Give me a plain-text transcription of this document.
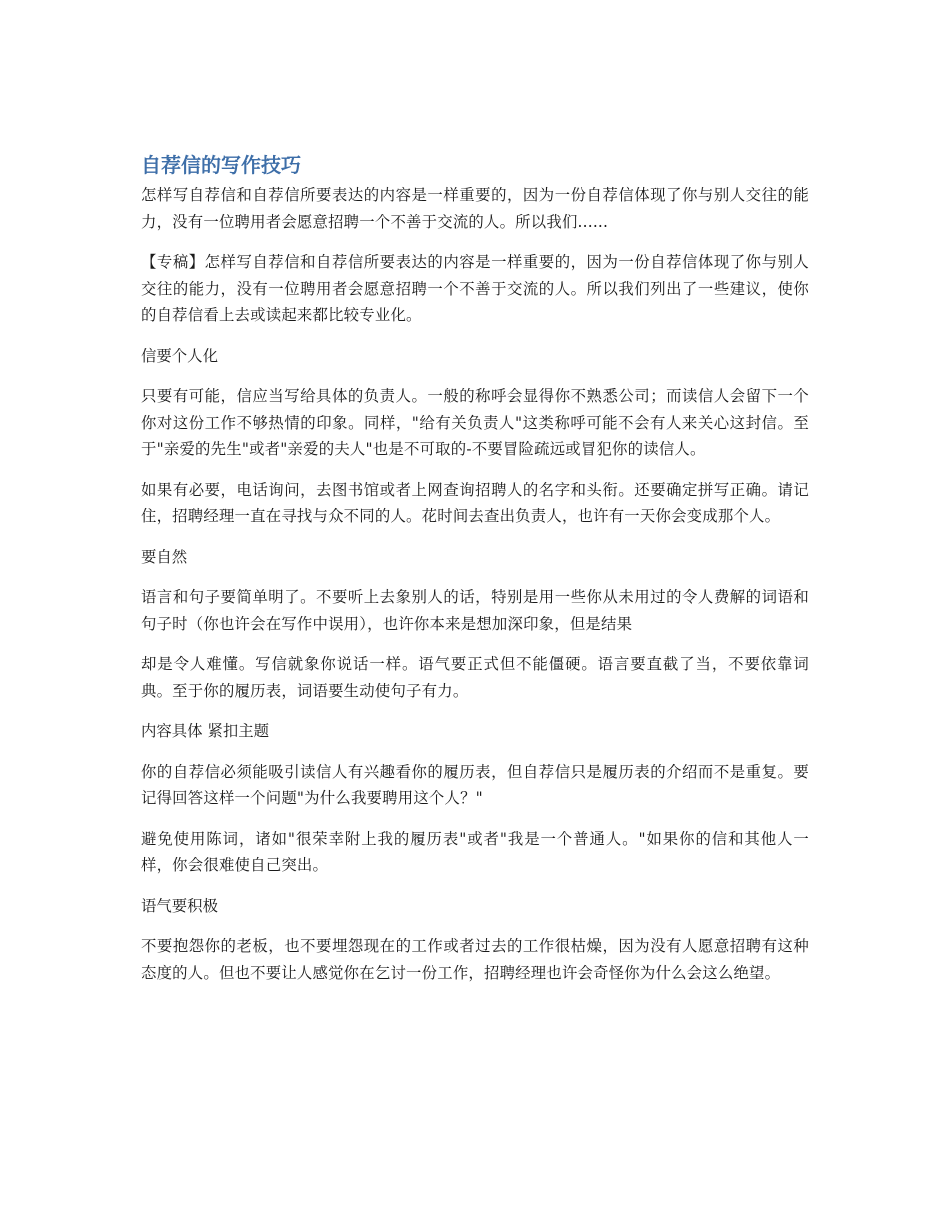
自荐信的写作技巧

怎样写自荐信和自荐信所要表达的内容是一样重要的，因为一份自荐信体现了你与别人交往的能力，没有一位聘用者会愿意招聘一个不善于交流的人。所以我们......

【专稿】怎样写自荐信和自荐信所要表达的内容是一样重要的，因为一份自荐信体现了你与别人交往的能力，没有一位聘用者会愿意招聘一个不善于交流的人。所以我们列出了一些建议，使你的自荐信看上去或读起来都比较专业化。

信要个人化

只要有可能，信应当写给具体的负责人。一般的称呼会显得你不熟悉公司；而读信人会留下一个你对这份工作不够热情的印象。同样，"给有关负责人"这类称呼可能不会有人来关心这封信。至于"亲爱的先生"或者"亲爱的夫人"也是不可取的-不要冒险疏远或冒犯你的读信人。

如果有必要，电话询问，去图书馆或者上网查询招聘人的名字和头衔。还要确定拼写正确。请记住，招聘经理一直在寻找与众不同的人。花时间去查出负责人，也许有一天你会变成那个人。

要自然

语言和句子要简单明了。不要听上去象别人的话，特别是用一些你从未用过的令人费解的词语和句子时（你也许会在写作中误用），也许你本来是想加深印象，但是结果

却是令人难懂。写信就象你说话一样。语气要正式但不能僵硬。语言要直截了当，不要依靠词典。至于你的履历表，词语要生动使句子有力。

内容具体 紧扣主题

你的自荐信必须能吸引读信人有兴趣看你的履历表，但自荐信只是履历表的介绍而不是重复。要记得回答这样一个问题"为什么我要聘用这个人？"

避免使用陈词，诸如"很荣幸附上我的履历表"或者"我是一个普通人。"如果你的信和其他人一样，你会很难使自己突出。

语气要积极

不要抱怨你的老板，也不要埋怨现在的工作或者过去的工作很枯燥，因为没有人愿意招聘有这种态度的人。但也不要让人感觉你在乞讨一份工作，招聘经理也许会奇怪你为什么会这么绝望。
